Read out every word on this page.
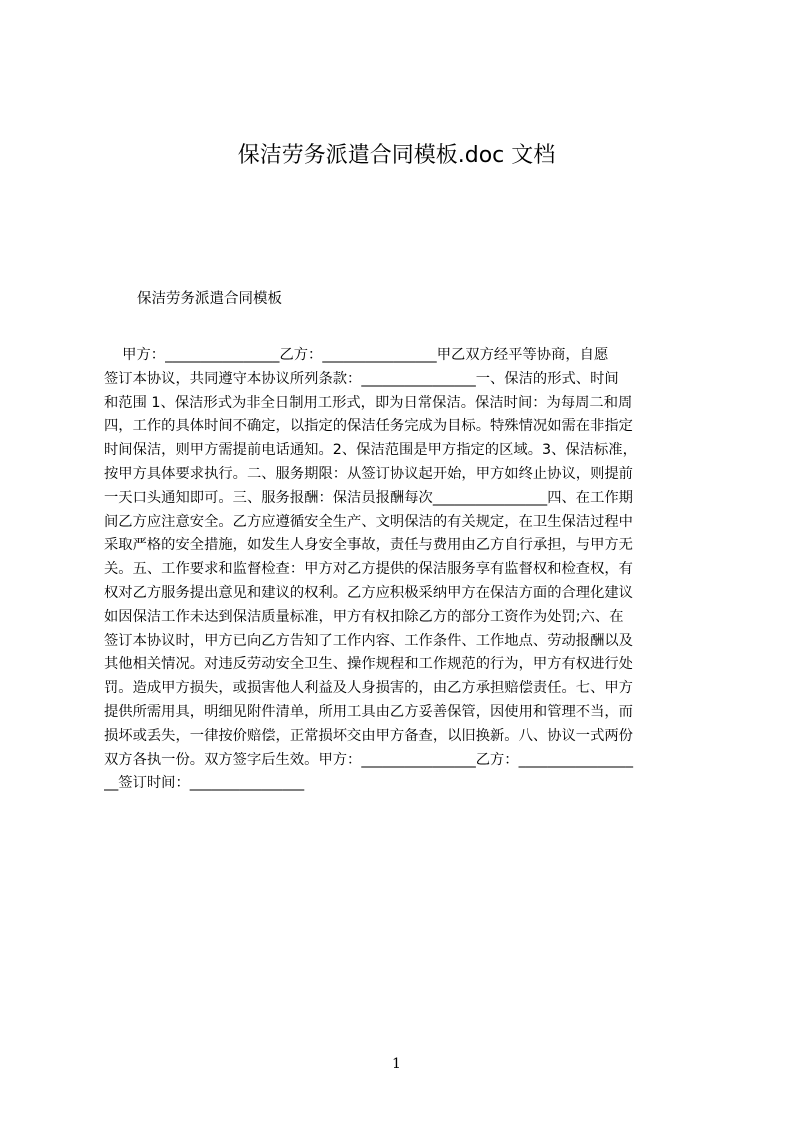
保洁劳务派遣合同模板.doc 文档
保洁劳务派遣合同模板
甲方：________________乙方：________________甲乙双方经平等协商，自愿
签订本协议，共同遵守本协议所列条款：________________一、保洁的形式、时间
和范围 1、保洁形式为非全日制用工形式，即为日常保洁。保洁时间：为每周二和周
四，工作的具体时间不确定，以指定的保洁任务完成为目标。特殊情况如需在非指定
时间保洁，则甲方需提前电话通知。2、保洁范围是甲方指定的区域。3、保洁标准，
按甲方具体要求执行。二、服务期限：从签订协议起开始，甲方如终止协议，则提前
一天口头通知即可。三、服务报酬：保洁员报酬每次________________四、在工作期
间乙方应注意安全。乙方应遵循安全生产、文明保洁的有关规定，在卫生保洁过程中
采取严格的安全措施，如发生人身安全事故，责任与费用由乙方自行承担，与甲方无
关。五、工作要求和监督检查：甲方对乙方提供的保洁服务享有监督权和检查权，有
权对乙方服务提出意见和建议的权利。乙方应积极采纳甲方在保洁方面的合理化建议
如因保洁工作未达到保洁质量标准，甲方有权扣除乙方的部分工资作为处罚;六、在
签订本协议时，甲方已向乙方告知了工作内容、工作条件、工作地点、劳动报酬以及
其他相关情况。对违反劳动安全卫生、操作规程和工作规范的行为，甲方有权进行处
罚。造成甲方损失，或损害他人利益及人身损害的，由乙方承担赔偿责任。七、甲方
提供所需用具，明细见附件清单，所用工具由乙方妥善保管，因使用和管理不当，而
损坏或丢失，一律按价赔偿，正常损坏交由甲方备查，以旧换新。八、协议一式两份
双方各执一份。双方签字后生效。甲方：________________乙方：________________
__签订时间：________________
1
